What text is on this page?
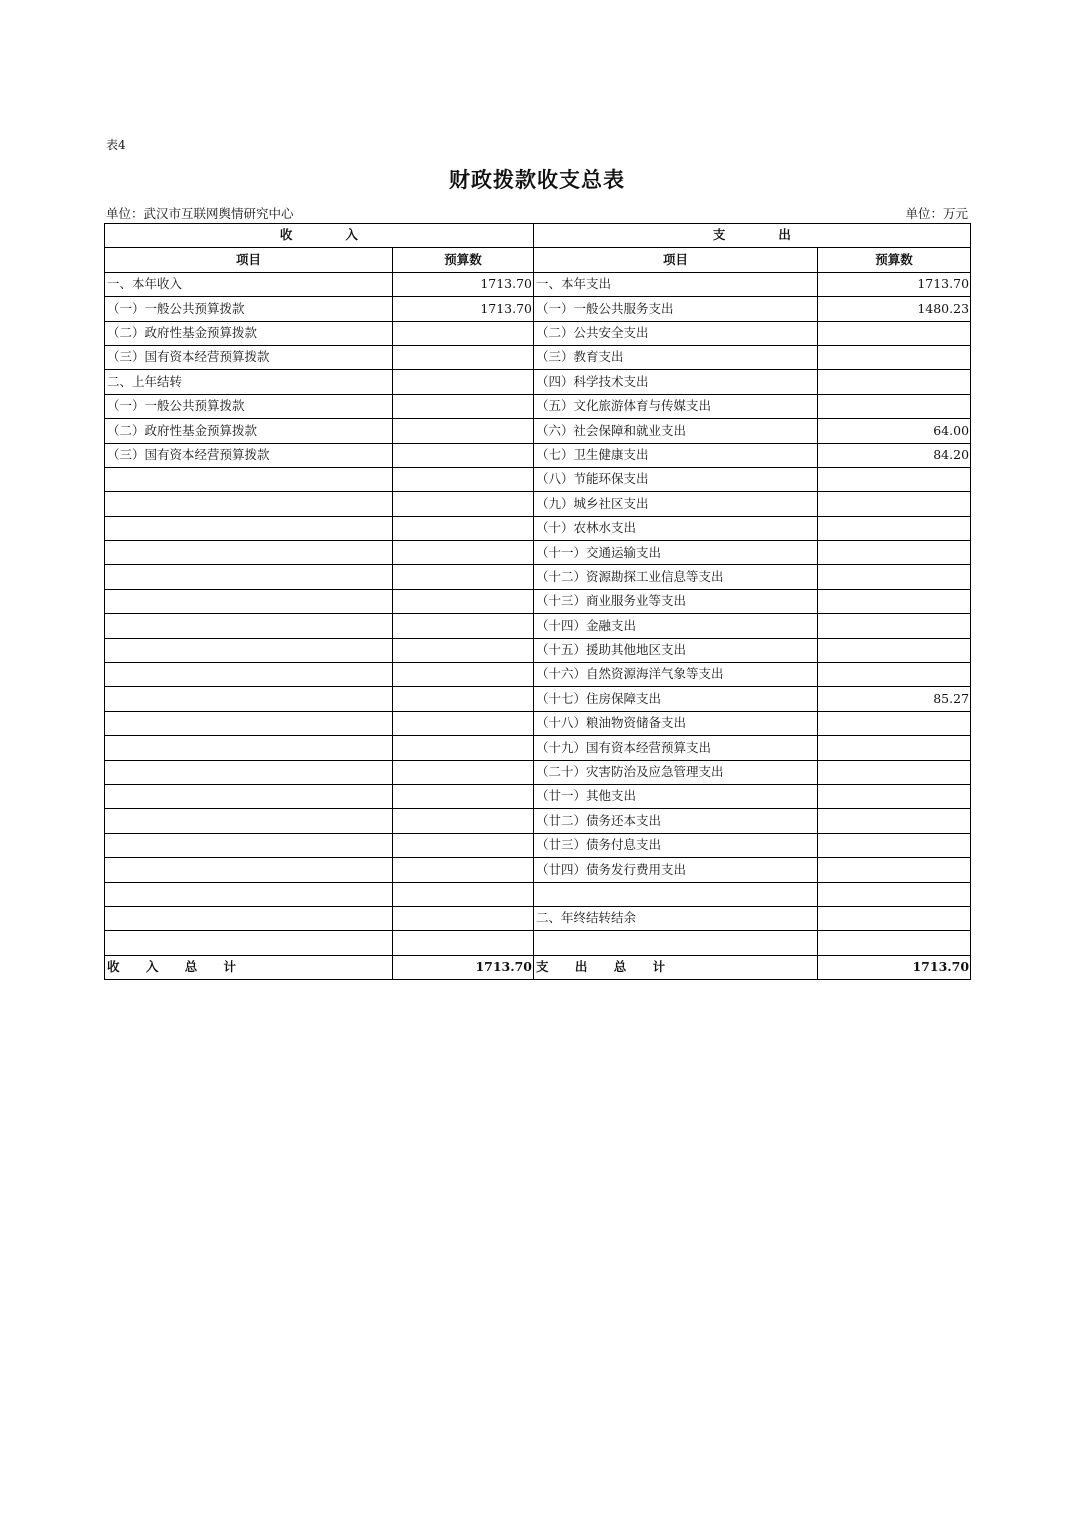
表4
财政拨款收支总表
单位：武汉市互联网舆情研究中心	单位：万元
收 入		支 出	
项目	预算数	项目	预算数
一、本年收入	1713.70	一、本年支出	1713.70
（一）一般公共预算拨款	1713.70	（一）一般公共服务支出	1480.23
（二）政府性基金预算拨款		（二）公共安全支出	
（三）国有资本经营预算拨款		（三）教育支出	
二、上年结转		（四）科学技术支出	
（一）一般公共预算拨款		（五）文化旅游体育与传媒支出	
（二）政府性基金预算拨款		（六）社会保障和就业支出	64.00
（三）国有资本经营预算拨款		（七）卫生健康支出	84.20
		（八）节能环保支出	
		（九）城乡社区支出	
		（十）农林水支出	
		（十一）交通运输支出	
		（十二）资源勘探工业信息等支出	
		（十三）商业服务业等支出	
		（十四）金融支出	
		（十五）援助其他地区支出	
		（十六）自然资源海洋气象等支出	
		（十七）住房保障支出	85.27
		（十八）粮油物资储备支出	
		（十九）国有资本经营预算支出	
		（二十）灾害防治及应急管理支出	
		（廿一）其他支出	
		（廿二）债务还本支出	
		（廿三）债务付息支出	
		（廿四）债务发行费用支出	

		二、年终结转结余	

收 入 总 计	1713.70	支 出 总 计	1713.70
